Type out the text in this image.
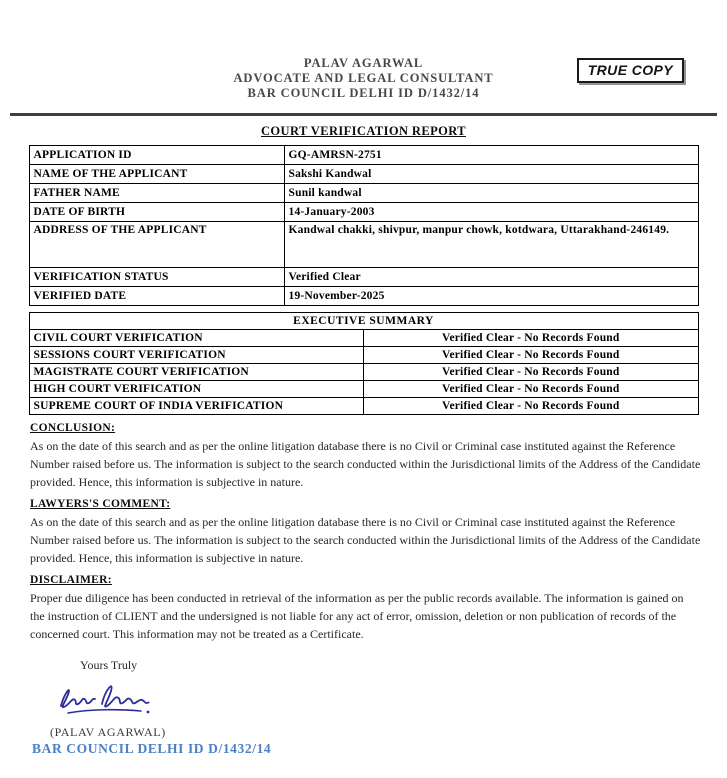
TRUE COPY
PALAV AGARWAL
ADVOCATE AND LEGAL CONSULTANT
BAR COUNCIL DELHI ID D/1432/14
COURT VERIFICATION REPORT
APPLICATION ID	GQ-AMRSN-2751
NAME OF THE APPLICANT	Sakshi Kandwal
FATHER NAME	Sunil kandwal
DATE OF BIRTH	14-January-2003
ADDRESS OF THE APPLICANT	Kandwal chakki, shivpur, manpur chowk, kotdwara, Uttarakhand-246149.
VERIFICATION STATUS	Verified Clear
VERIFIED DATE	19-November-2025
EXECUTIVE SUMMARY	
CIVIL COURT VERIFICATION	Verified Clear - No Records Found
SESSIONS COURT VERIFICATION	Verified Clear - No Records Found
MAGISTRATE COURT VERIFICATION	Verified Clear - No Records Found
HIGH COURT VERIFICATION	Verified Clear - No Records Found
SUPREME COURT OF INDIA VERIFICATION	Verified Clear - No Records Found
CONCLUSION:

As on the date of this search and as per the online litigation database there is no Civil or Criminal case instituted against the Reference Number raised before us. The information is subject to the search conducted within the Jurisdictional limits of the Address of the Candidate provided. Hence, this information is subjective in nature.

LAWYERS'S COMMENT:

As on the date of this search and as per the online litigation database there is no Civil or Criminal case instituted against the Reference Number raised before us. The information is subject to the search conducted within the Jurisdictional limits of the Address of the Candidate provided. Hence, this information is subjective in nature.

DISCLAIMER:

Proper due diligence has been conducted in retrieval of the information as per the public records available. The information is gained on the instruction of CLIENT and the undersigned is not liable for any act of error, omission, deletion or non publication of records of the concerned court. This information may not be treated as a Certificate.

Yours Truly
(PALAV AGARWAL)
BAR COUNCIL DELHI ID D/1432/14
